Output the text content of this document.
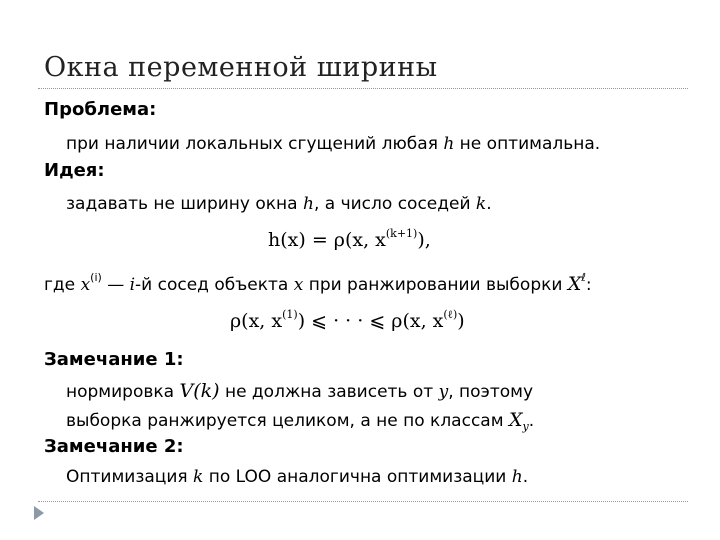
Окна переменной ширины
Проблема:
при наличии локальных сгущений любая h не оптимальна.
Идея:
задавать не ширину окна h, а число соседей k.
h(x) = ρ(x, $x^{(k+1)}$),
где $x^{(i)}$ — i-й сосед объекта x при ранжировании выборки $X^\ell$:
ρ(x, $x^{(1)}$) ⩽ · · · ⩽ ρ(x, $x^{(\ell)}$)
Замечание 1:
нормировка V(k) не должна зависеть от y, поэтому
выборка ранжируется целиком, а не по классам $X_y$.
Замечание 2:
Оптимизация k по LOO аналогична оптимизации h.
